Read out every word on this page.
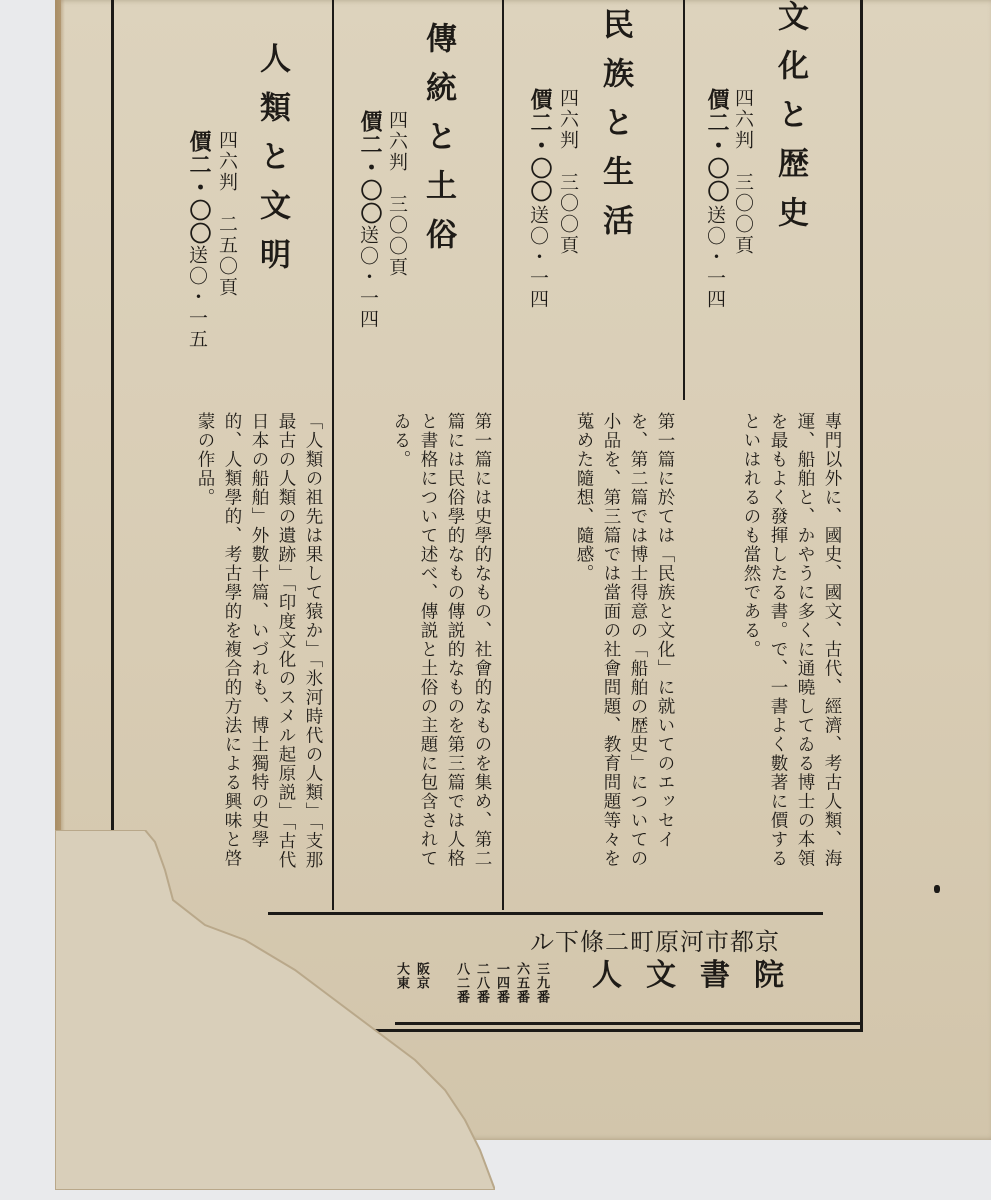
文化と歴史
四六判　三〇〇頁
價二・〇〇
送〇・一四
民族と生活
四六判　三〇〇頁
價二・〇〇
送〇・一四
傳統と土俗
四六判　三〇〇頁
價二・〇〇
送〇・一四
人類と文明
四六判　二五〇頁
價二・〇〇
送〇・一五
專門以外に、國史、國文、古代、經濟、考古人類、海運、船舶と、かやうに多くに通曉してゐる博士の本領を最もよく發揮したる書。で、一書よく數著に價するといはれるのも當然である。
第一篇に於ては「民族と文化」に就いてのエッセイを、第二篇では博士得意の「船舶の歴史」についての小品を、第三篇では當面の社會問題、教育問題等々を蒐めた隨想、隨感。
第一篇には史學的なもの、社會的なものを集め、第二篇には民俗學的なもの傳説的なものを第三篇では人格と書格について述べ、傳説と土俗の主題に包含されてゐる。
「人類の祖先は果して猿か」「氷河時代の人類」「支那最古の人類の遺跡」「印度文化のスメル起原説」「古代日本の船舶」外數十篇、いづれも、博士獨特の史學的、人類學的、考古學的を複合的方法による興味と啓蒙の作品。
京都市河原町二條下ル
人文書院
三九番
六五番
一四番
二八番
八二番
阪京
大東
